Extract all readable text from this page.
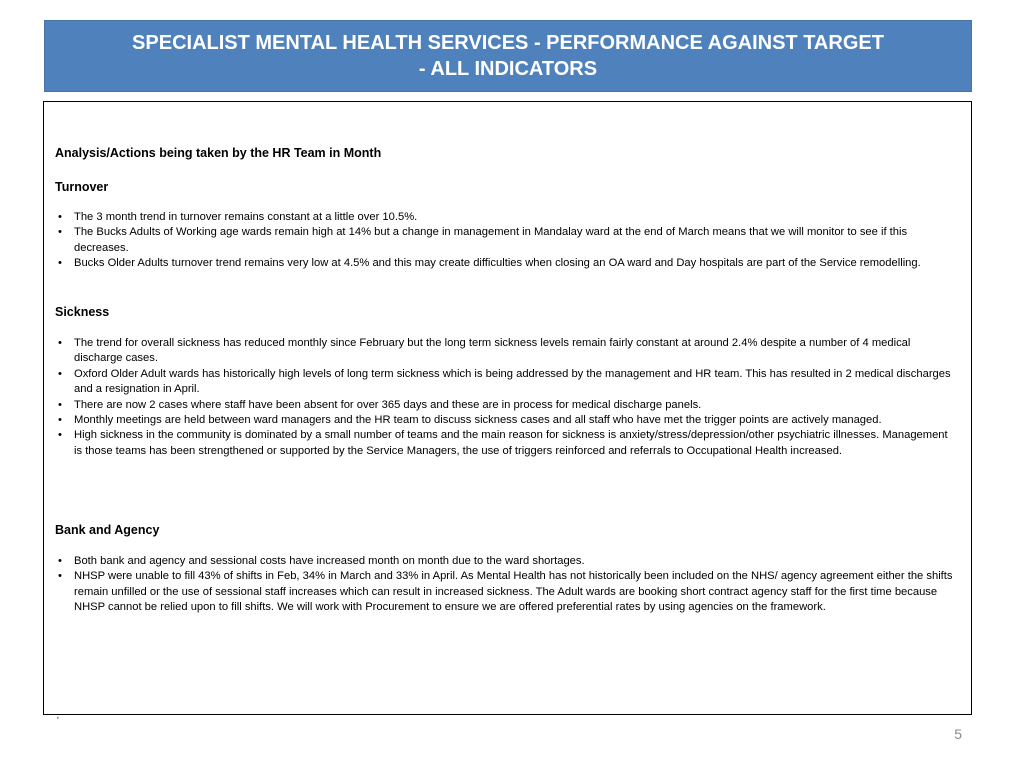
SPECIALIST MENTAL HEALTH SERVICES - PERFORMANCE AGAINST TARGET
- ALL INDICATORS
Analysis/Actions being taken by the HR Team in Month
Turnover
• The 3 month trend in turnover remains constant at a little over 10.5%.
• The Bucks Adults of Working age wards remain high at 14% but a change in management in Mandalay ward at the end of March means that we will monitor to see if this decreases.
• Bucks Older Adults turnover trend remains very low at 4.5% and this may create difficulties when closing an OA ward and Day hospitals are part of the Service remodelling.
Sickness
• The trend for overall sickness has reduced monthly since February but the long term sickness levels remain fairly constant at around 2.4% despite a number of 4 medical discharge cases.
• Oxford Older Adult wards has historically high levels of long term sickness which is being addressed by the management and HR team. This has resulted in 2 medical discharges and a resignation in April.
• There are now 2 cases where staff have been absent for over 365 days and these are in process for medical discharge panels.
• Monthly meetings are held between ward managers and the HR team to discuss sickness cases and all staff who have met the trigger points are actively managed.
• High sickness in the community is dominated by a small number of teams and the main reason for sickness is anxiety/stress/depression/other psychiatric illnesses. Management is those teams has been strengthened or supported by the Service Managers, the use of triggers reinforced and referrals to Occupational Health increased.
Bank and Agency
• Both bank and agency and sessional costs have increased month on month due to the ward shortages.
• NHSP were unable to fill 43% of shifts in Feb, 34% in March and 33% in April. As Mental Health has not historically been included on the NHS/ agency agreement either the shifts remain unfilled or the use of sessional staff increases which can result in increased sickness. The Adult wards are booking short contract agency staff for the first time because NHSP cannot be relied upon to fill shifts. We will work with Procurement to ensure we are offered preferential rates by using agencies on the framework.
·
5
